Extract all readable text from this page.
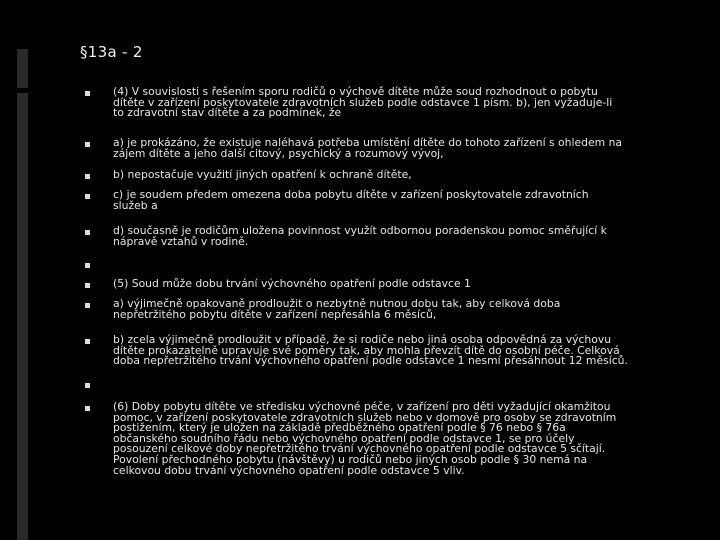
§13a - 2
(4) V souvislosti s řešením sporu rodičů o výchově dítěte může soud rozhodnout o pobytu
dítěte v zařízení poskytovatele zdravotních služeb podle odstavce 1 písm. b), jen vyžaduje-li
to zdravotní stav dítěte a za podmínek, že
a) je prokázáno, že existuje naléhavá potřeba umístění dítěte do tohoto zařízení s ohledem na
zájem dítěte a jeho další citový, psychický a rozumový vývoj,
b) nepostačuje využití jiných opatření k ochraně dítěte,
c) je soudem předem omezena doba pobytu dítěte v zařízení poskytovatele zdravotních
služeb a
d) současně je rodičům uložena povinnost využít odbornou poradenskou pomoc směřující k
nápravě vztahů v rodině.
(5) Soud může dobu trvání výchovného opatření podle odstavce 1
a) výjimečně opakovaně prodloužit o nezbytně nutnou dobu tak, aby celková doba
nepřetržitého pobytu dítěte v zařízení nepřesáhla 6 měsíců,
b) zcela výjimečně prodloužit v případě, že si rodiče nebo jiná osoba odpovědná za výchovu
dítěte prokazatelně upravuje své poměry tak, aby mohla převzít dítě do osobní péče. Celková
doba nepřetržitého trvání výchovného opatření podle odstavce 1 nesmí přesáhnout 12 měsíců.
(6) Doby pobytu dítěte ve středisku výchovné péče, v zařízení pro děti vyžadující okamžitou
pomoc, v zařízení poskytovatele zdravotních služeb nebo v domově pro osoby se zdravotním
postižením, který je uložen na základě předběžného opatření podle § 76 nebo § 76a
občanského soudního řádu nebo výchovného opatření podle odstavce 1, se pro účely
posouzení celkové doby nepřetržitého trvání výchovného opatření podle odstavce 5 sčítají.
Povolení přechodného pobytu (návštěvy) u rodičů nebo jiných osob podle § 30 nemá na
celkovou dobu trvání výchovného opatření podle odstavce 5 vliv.
